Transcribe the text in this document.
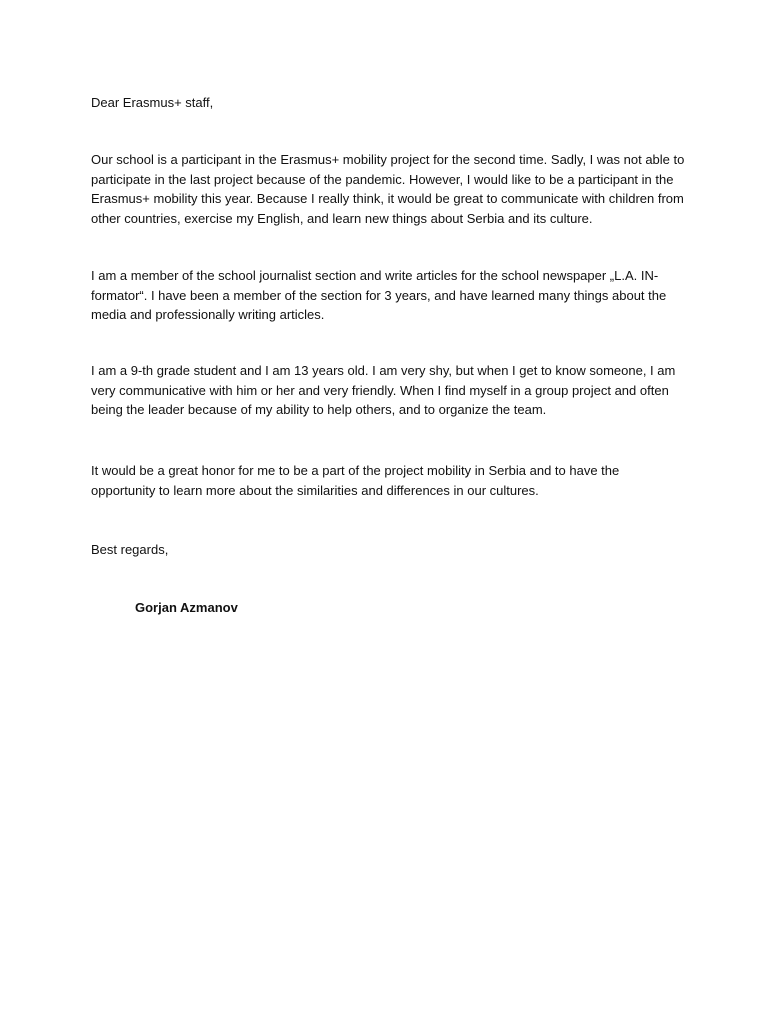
Dear Erasmus+ staff,

Our school is a participant in the Erasmus+ mobility project for the second time. Sadly, I was not able to
participate in the last project because of the pandemic. However, I would like to be a participant in the
Erasmus+ mobility this year. Because I really think, it would be great to communicate with children from
other countries, exercise my English, and learn new things about Serbia and its culture.
I am a member of the school journalist section and write articles for the school newspaper „L.A. IN-
formator“. I have been a member of the section for 3 years, and have learned many things about the
media and professionally writing articles.
I am a 9-th grade student and I am 13 years old. I am very shy, but when I get to know someone, I am
very communicative with him or her and very friendly. When I find myself in a group project and often
being the leader because of my ability to help others, and to organize the team.
It would be a great honor for me to be a part of the project mobility in Serbia and to have the
opportunity to learn more about the similarities and differences in our cultures.

Best regards,

Gorjan Azmanov
